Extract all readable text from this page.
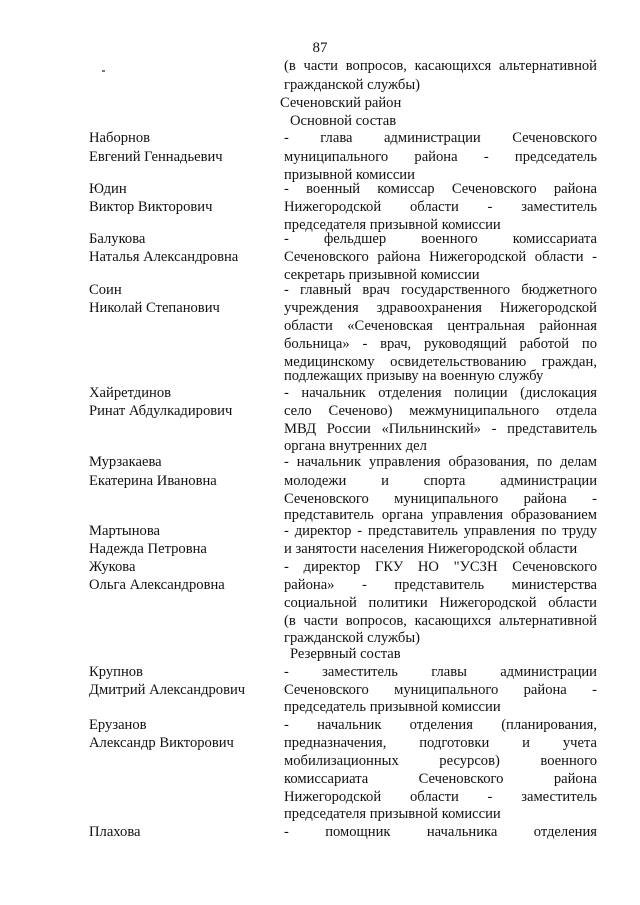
87
(в части вопросов, касающихся альтернативной
гражданской службы)
Сеченовский район
Основной состав
Наборнов
Евгений Геннадьевич
- глава администрации Сеченовского
муниципального района - председатель
призывной комиссии
Юдин
Виктор Викторович
- военный комиссар Сеченовского района
Нижегородской области - заместитель
председателя призывной комиссии
Балукова
Наталья Александровна
- фельдшер военного комиссариата
Сеченовского района Нижегородской области -
секретарь призывной комиссии
Соин
Николай Степанович
- главный врач государственного бюджетного
учреждения здравоохранения Нижегородской
области «Сеченовская центральная районная
больница» - врач, руководящий работой по
медицинскому освидетельствованию граждан,
подлежащих призыву на военную службу
Хайретдинов
Ринат Абдулкадирович
- начальник отделения полиции (дислокация
село Сеченово) межмуниципального отдела
МВД России «Пильнинский» - представитель
органа внутренних дел
Мурзакаева
Екатерина Ивановна
- начальник управления образования, по делам
молодежи и спорта администрации
Сеченовского муниципального района -
представитель органа управления образованием
Мартынова
Надежда Петровна
- директор - представитель управления по труду
и занятости населения Нижегородской области
Жукова
Ольга Александровна
- директор ГКУ НО "УСЗН Сеченовского
района» - представитель министерства
социальной политики Нижегородской области
(в части вопросов, касающихся альтернативной
гражданской службы)
Резервный состав
Крупнов
Дмитрий Александрович
- заместитель главы администрации
Сеченовского муниципального района -
председатель призывной комиссии
Ерузанов
Александр Викторович
- начальник отделения (планирования,
предназначения, подготовки и учета
мобилизационных ресурсов) военного
комиссариата Сеченовского района
Нижегородской области - заместитель
председателя призывной комиссии
Плахова	- помощник начальника отделения
